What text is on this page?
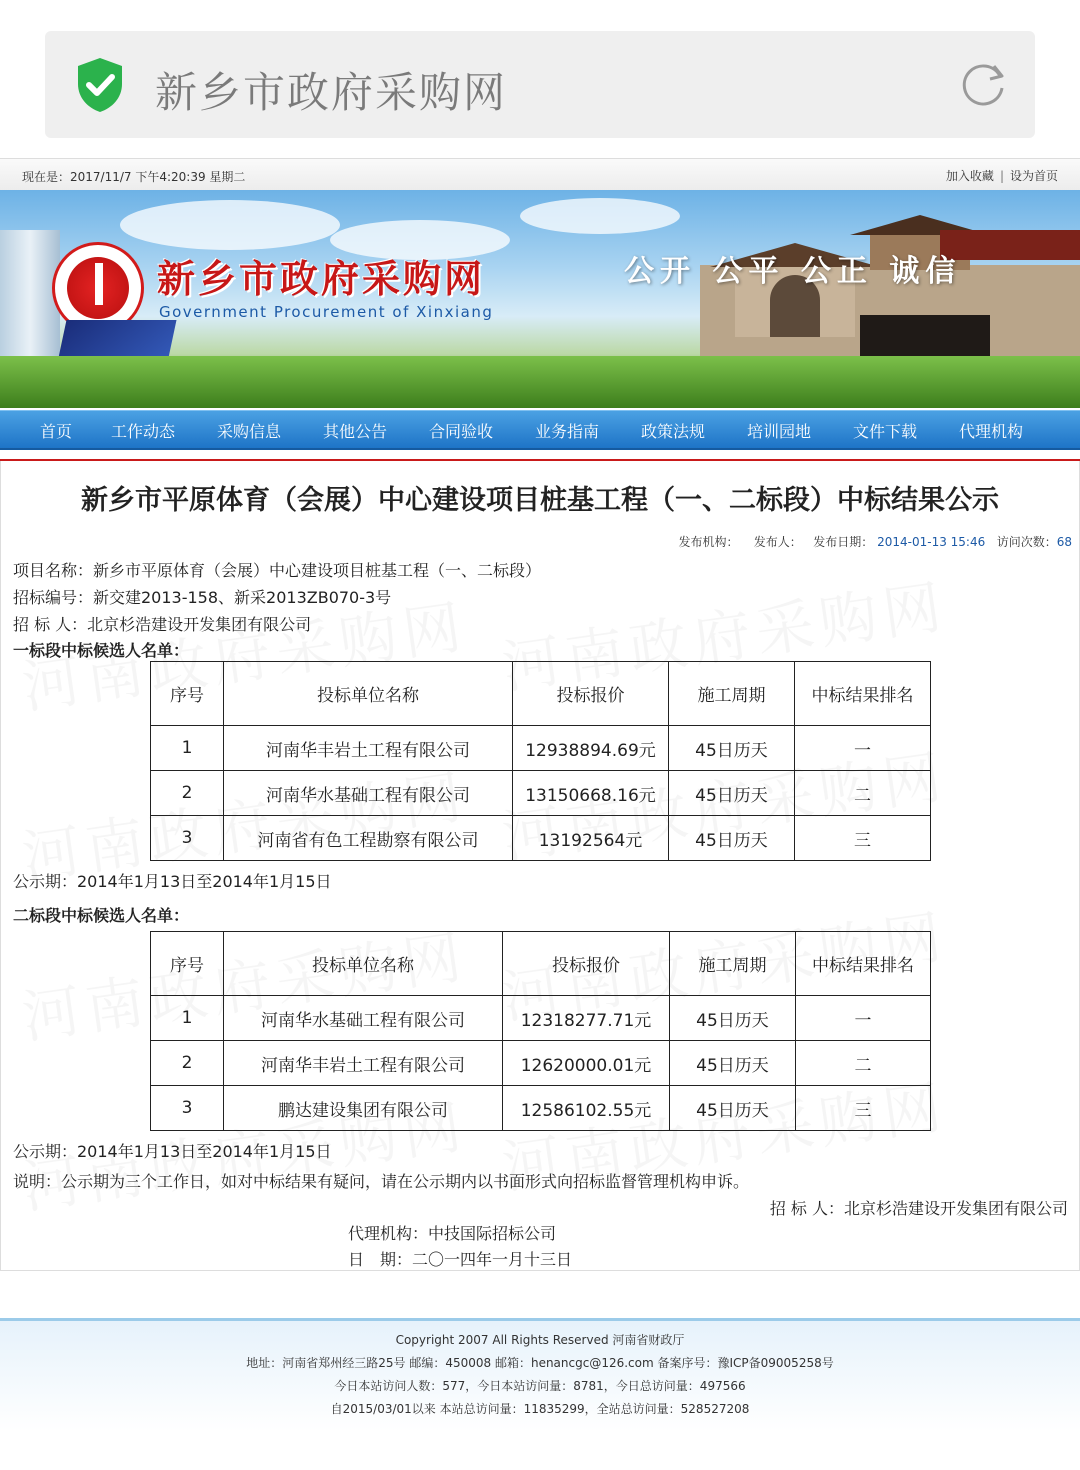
新乡市政府采购网
现在是：2017/11/7 下午4:20:39 星期二	加入收藏 | 设为首页
新乡市政府采购网
Government Procurement of Xinxiang
公开 公平 公正 诚信
首页 工作动态	采购信息	其他公告	合同验收	业务指南	政策法规	培训园地	文件下载	代理机构
新乡市平原体育（会展）中心建设项目桩基工程（一、二标段）中标结果公示
发布机构： 发布人： 发布日期： 2014-01-13 15:46 访问次数：68
项目名称：新乡市平原体育（会展）中心建设项目桩基工程（一、二标段）
招标编号：新交建2013-158、新采2013ZB070-3号
招 标 人：北京杉浩建设开发集团有限公司
一标段中标候选人名单：
序号	投标单位名称	投标报价	施工周期	中标结果排名
1	河南华丰岩土工程有限公司	12938894.69元	45日历天	一
2	河南华水基础工程有限公司	13150668.16元	45日历天	二
3	河南省有色工程勘察有限公司	13192564元	45日历天	三
公示期：2014年1月13日至2014年1月15日
二标段中标候选人名单：
序号	投标单位名称	投标报价	施工周期	中标结果排名
1	河南华水基础工程有限公司	12318277.71元	45日历天	一
2	河南华丰岩土工程有限公司	12620000.01元	45日历天	二
3	鹏达建设集团有限公司	12586102.55元	45日历天	三
公示期：2014年1月13日至2014年1月15日
说明：公示期为三个工作日，如对中标结果有疑问，请在公示期内以书面形式向招标监督管理机构申诉。
招 标 人：北京杉浩建设开发集团有限公司
代理机构：中技国际招标公司
日　期：二〇一四年一月十三日
Copyright 2007 All Rights Reserved 河南省财政厅
地址：河南省郑州经三路25号 邮编：450008 邮箱：henancgc@126.com 备案序号：豫ICP备09005258号
今日本站访问人数：577，今日本站访问量：8781，今日总访问量：497566
自2015/03/01以来 本站总访问量：11835299，全站总访问量：528527208
